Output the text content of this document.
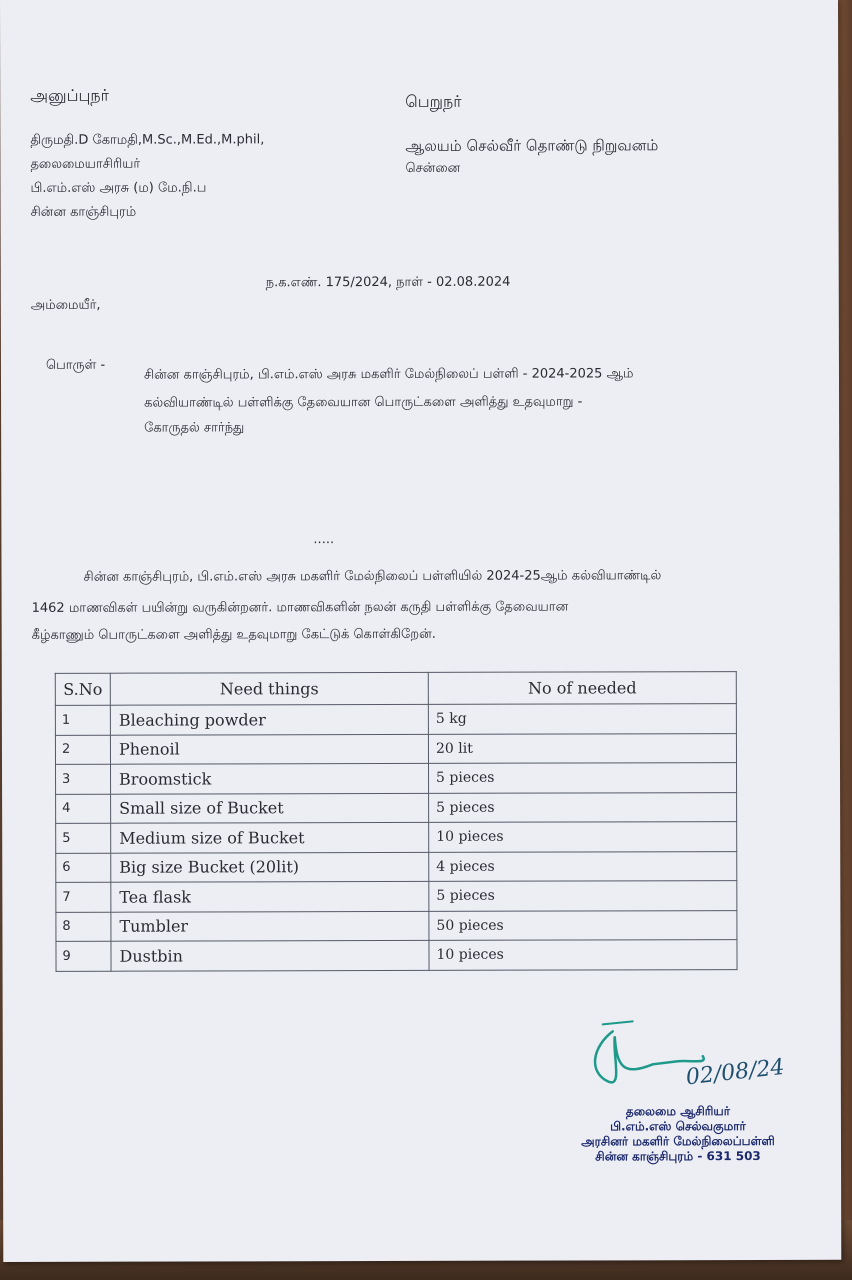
அனுப்புநர்
திருமதி.D கோமதி,M.Sc.,M.Ed.,M.phil,
தலைமையாசிரியர்
பி.எம்.எஸ் அரசு (ம) மே.நி.ப
சின்ன காஞ்சிபுரம்
பெறுநர்
ஆலயம் செல்வீர் தொண்டு நிறுவனம்
சென்னை
ந.க.எண். 175/2024, நாள் - 02.08.2024
அம்மையீர்,
பொருள் -
சின்ன காஞ்சிபுரம், பி.எம்.எஸ் அரசு மகளிர் மேல்நிலைப் பள்ளி - 2024-2025 ஆம்
கல்வியாண்டில் பள்ளிக்கு தேவையான பொருட்களை அளித்து உதவுமாறு -
கோருதல் சார்ந்து
.....
சின்ன காஞ்சிபுரம், பி.எம்.எஸ் அரசு மகளிர் மேல்நிலைப் பள்ளியில் 2024-25ஆம் கல்வியாண்டில்
1462 மாணவிகள் பயின்று வருகின்றனர். மாணவிகளின் நலன் கருதி பள்ளிக்கு தேவையான
கீழ்காணும் பொருட்களை அளித்து உதவுமாறு கேட்டுக் கொள்கிறேன்.
S.No	Need things	No of needed
1	Bleaching powder	5 kg
2	Phenoil	20 lit
3	Broomstick	5 pieces
4	Small size of Bucket	5 pieces
5	Medium size of Bucket	10 pieces
6	Big size Bucket (20lit)	4 pieces
7	Tea flask	5 pieces
8	Tumbler	50 pieces
9	Dustbin	10 pieces
02/08/24
தலைமை ஆசிரியர்
பி.எம்.எஸ் செல்வகுமார்
அரசினர் மகளிர் மேல்நிலைப்பள்ளி
சின்ன காஞ்சிபுரம் - 631 503
